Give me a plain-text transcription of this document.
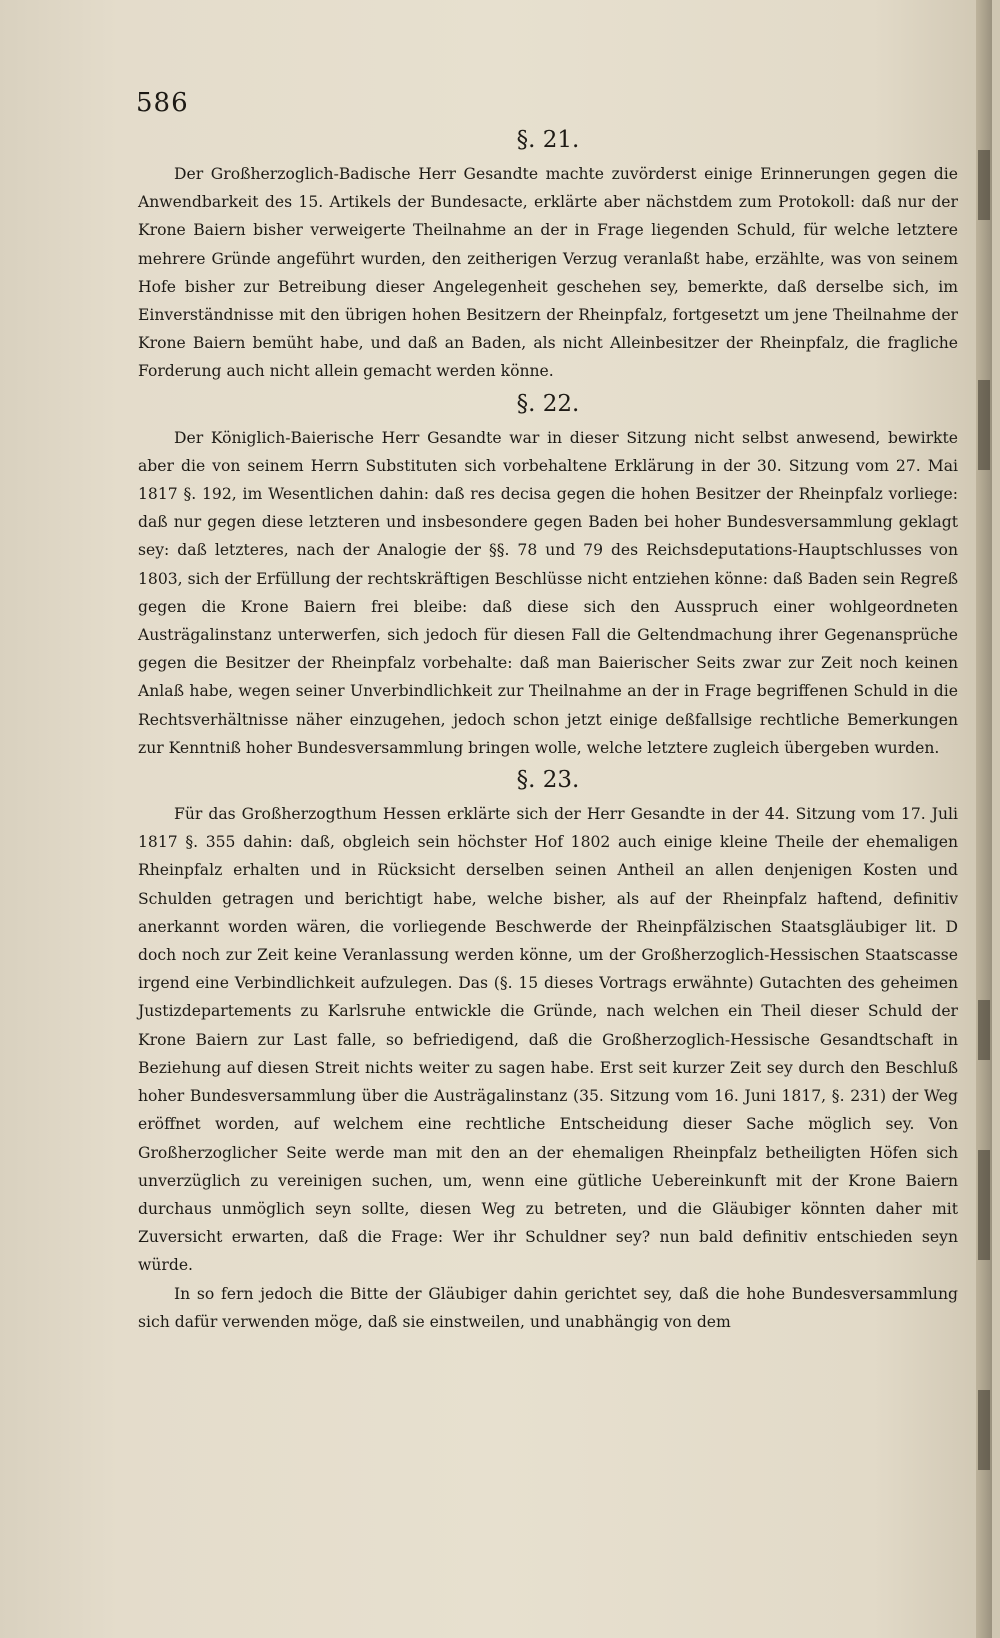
586
§. 21.

Der Großherzoglich-Badische Herr Gesandte machte zuvörderst einige Erinnerungen gegen die Anwendbarkeit des 15. Artikels der Bundesacte, erklärte aber nächstdem zum Protokoll: daß nur der Krone Baiern bisher verweigerte Theilnahme an der in Frage liegenden Schuld, für welche letztere mehrere Gründe angeführt wurden, den zeitherigen Verzug veranlaßt habe, erzählte, was von seinem Hofe bisher zur Betreibung dieser Angelegenheit geschehen sey, bemerkte, daß derselbe sich, im Einverständnisse mit den übrigen hohen Besitzern der Rheinpfalz, fortgesetzt um jene Theilnahme der Krone Baiern bemüht habe, und daß an Baden, als nicht Alleinbesitzer der Rheinpfalz, die fragliche Forderung auch nicht allein gemacht werden könne.

§. 22.

Der Königlich-Baierische Herr Gesandte war in dieser Sitzung nicht selbst anwesend, bewirkte aber die von seinem Herrn Substituten sich vorbehaltene Erklärung in der 30. Sitzung vom 27. Mai 1817 §. 192, im Wesentlichen dahin: daß res decisa gegen die hohen Besitzer der Rheinpfalz vorliege: daß nur gegen diese letzteren und insbesondere gegen Baden bei hoher Bundesversammlung geklagt sey: daß letzteres, nach der Analogie der §§. 78 und 79 des Reichsdeputations-Hauptschlusses von 1803, sich der Erfüllung der rechtskräftigen Beschlüsse nicht entziehen könne: daß Baden sein Regreß gegen die Krone Baiern frei bleibe: daß diese sich den Ausspruch einer wohlgeordneten Austrägalinstanz unterwerfen, sich jedoch für diesen Fall die Geltendmachung ihrer Gegenansprüche gegen die Besitzer der Rheinpfalz vorbehalte: daß man Baierischer Seits zwar zur Zeit noch keinen Anlaß habe, wegen seiner Unverbindlichkeit zur Theilnahme an der in Frage begriffenen Schuld in die Rechtsverhältnisse näher einzugehen, jedoch schon jetzt einige deßfallsige rechtliche Bemerkungen zur Kenntniß hoher Bundesversammlung bringen wolle, welche letztere zugleich übergeben wurden.

§. 23.

Für das Großherzogthum Hessen erklärte sich der Herr Gesandte in der 44. Sitzung vom 17. Juli 1817 §. 355 dahin: daß, obgleich sein höchster Hof 1802 auch einige kleine Theile der ehemaligen Rheinpfalz erhalten und in Rücksicht derselben seinen Antheil an allen denjenigen Kosten und Schulden getragen und berichtigt habe, welche bisher, als auf der Rheinpfalz haftend, definitiv anerkannt worden wären, die vorliegende Beschwerde der Rheinpfälzischen Staatsgläubiger lit. D doch noch zur Zeit keine Veranlassung werden könne, um der Großherzoglich-Hessischen Staatscasse irgend eine Verbindlichkeit aufzulegen. Das (§. 15 dieses Vortrags erwähnte) Gutachten des geheimen Justizdepartements zu Karlsruhe entwickle die Gründe, nach welchen ein Theil dieser Schuld der Krone Baiern zur Last falle, so befriedigend, daß die Großherzoglich-Hessische Gesandtschaft in Beziehung auf diesen Streit nichts weiter zu sagen habe. Erst seit kurzer Zeit sey durch den Beschluß hoher Bundesversammlung über die Austrägalinstanz (35. Sitzung vom 16. Juni 1817, §. 231) der Weg eröffnet worden, auf welchem eine rechtliche Entscheidung dieser Sache möglich sey. Von Großherzoglicher Seite werde man mit den an der ehemaligen Rheinpfalz betheiligten Höfen sich unverzüglich zu vereinigen suchen, um, wenn eine gütliche Uebereinkunft mit der Krone Baiern durchaus unmöglich seyn sollte, diesen Weg zu betreten, und die Gläubiger könnten daher mit Zuversicht erwarten, daß die Frage: Wer ihr Schuldner sey? nun bald definitiv entschieden seyn würde.

In so fern jedoch die Bitte der Gläubiger dahin gerichtet sey, daß die hohe Bundesversammlung sich dafür verwenden möge, daß sie einstweilen, und unabhängig von dem
